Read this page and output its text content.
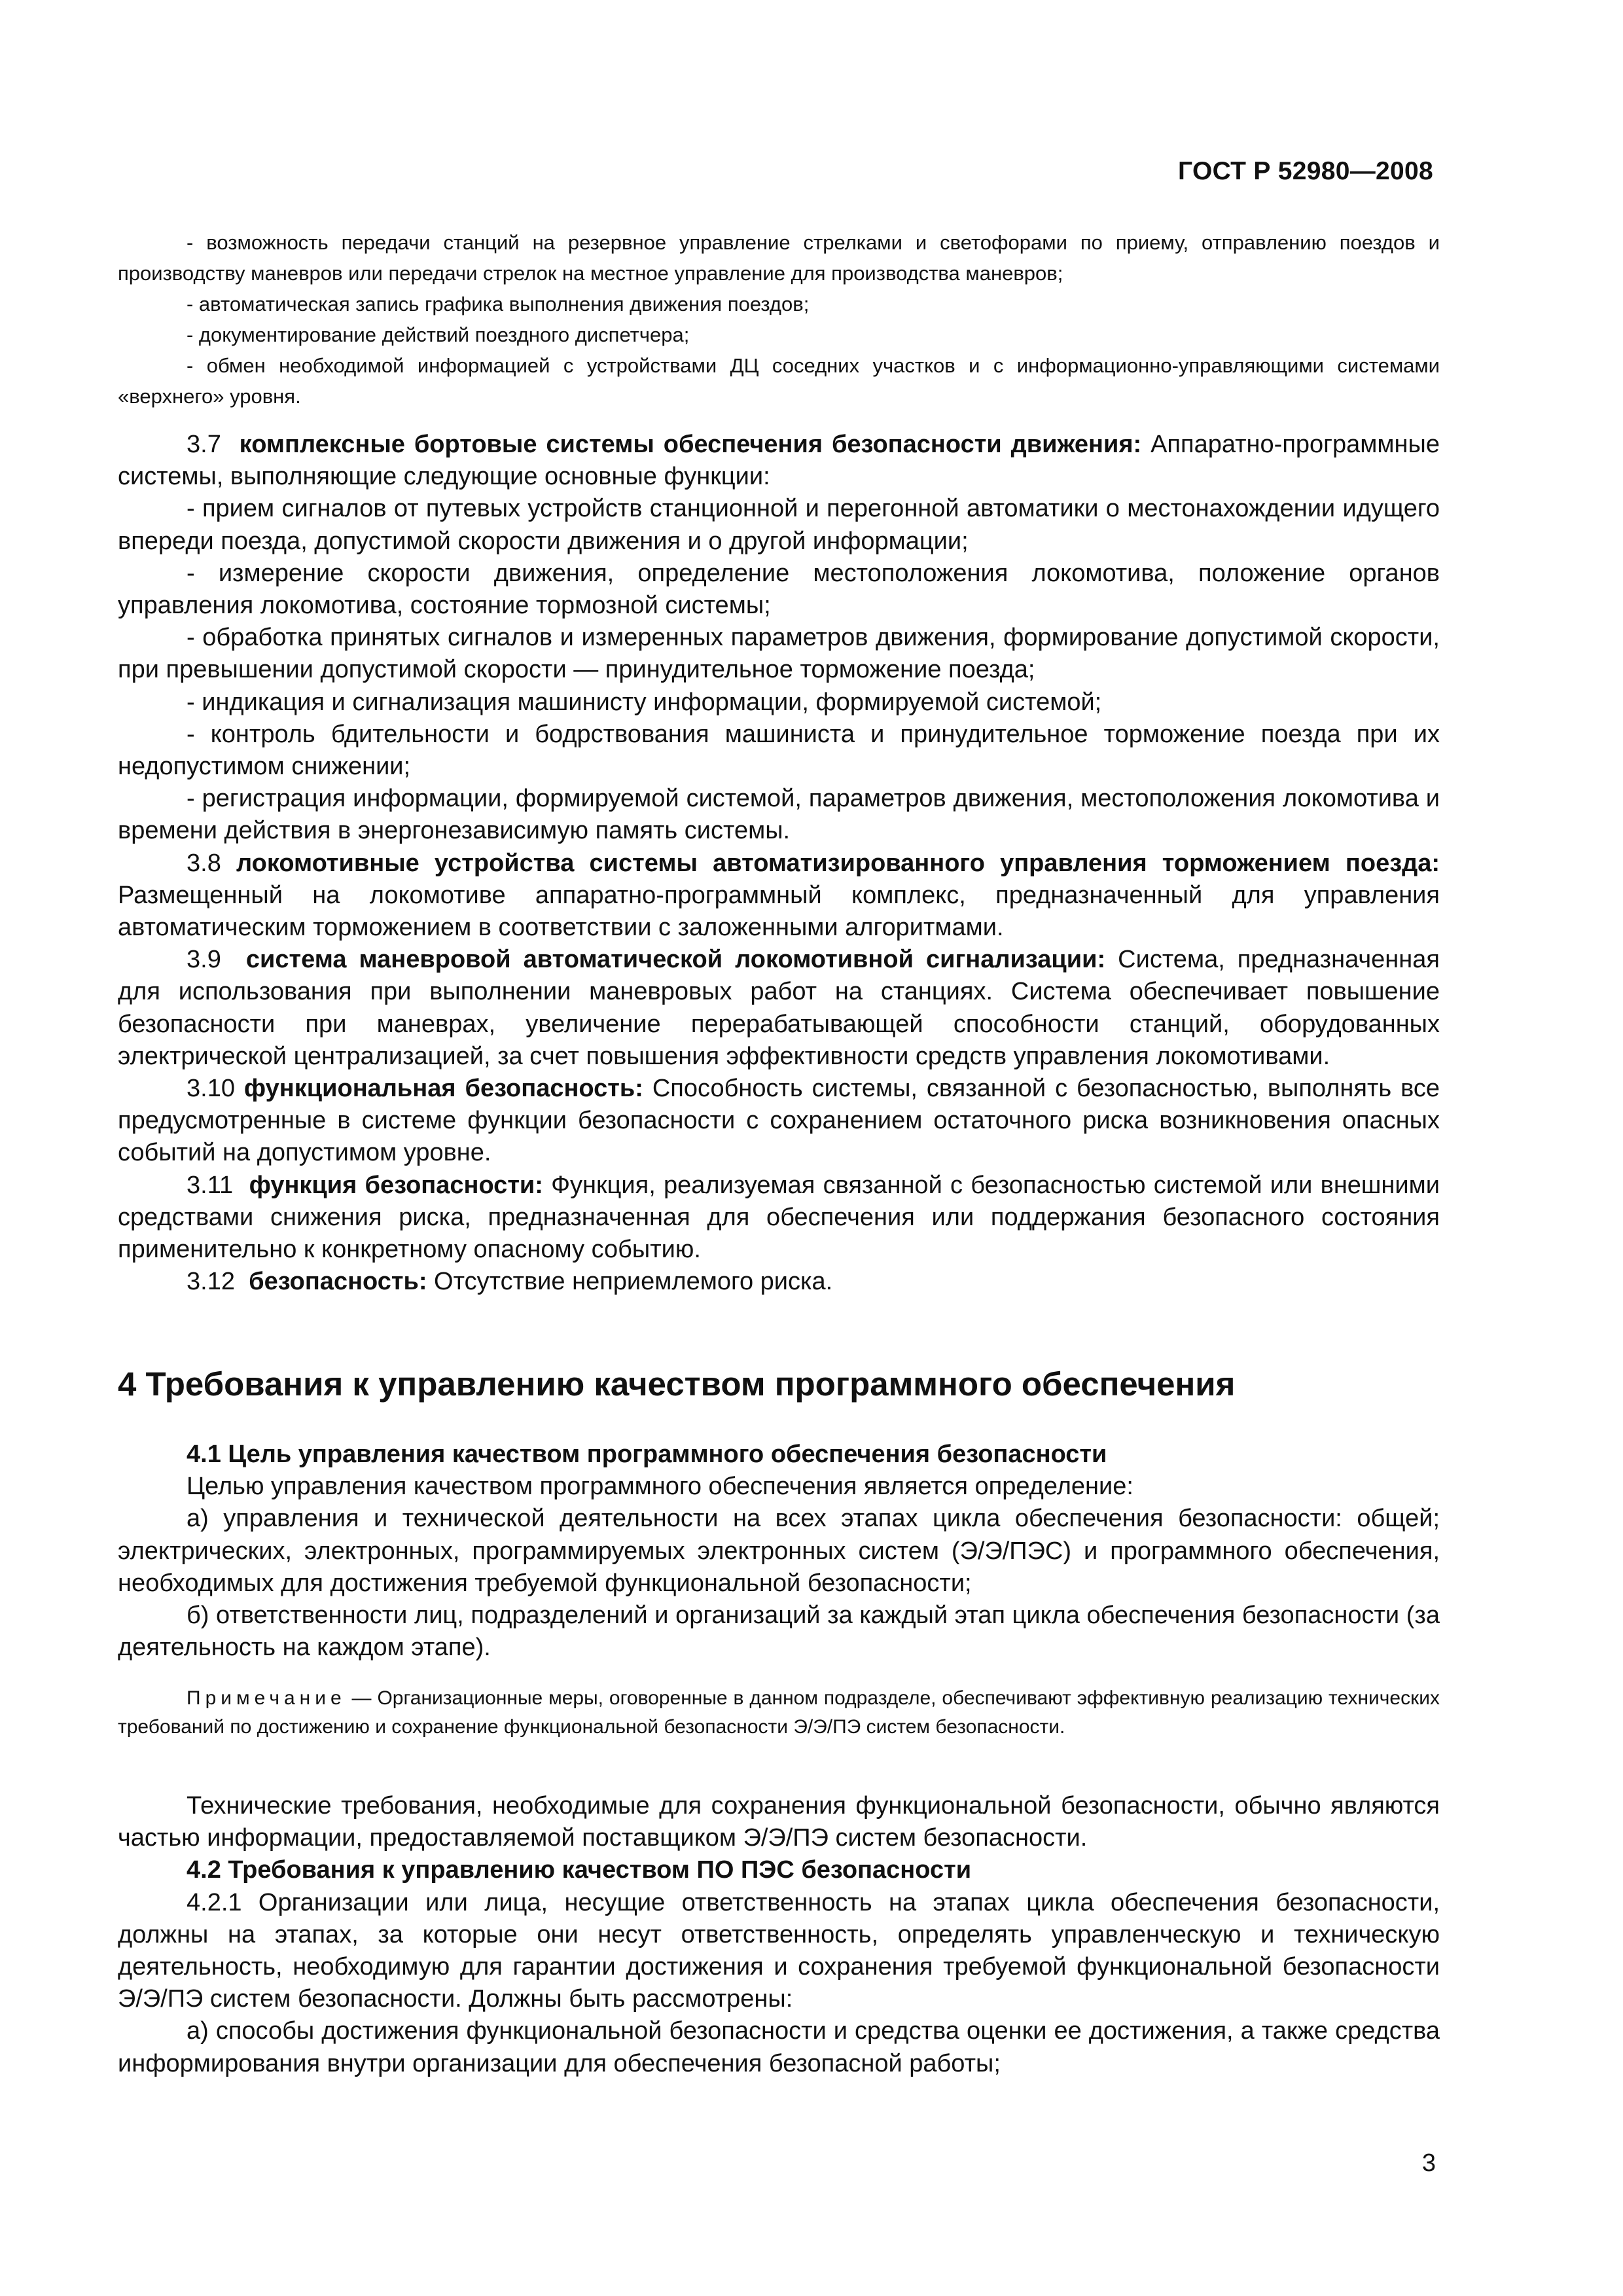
ГОСТ Р 52980—2008

- возможность передачи станций на резервное управление стрелками и светофорами по приему, отправлению поездов и производству маневров или передачи стрелок на местное управление для производства маневров;

- автоматическая запись графика выполнения движения поездов;

- документирование действий поездного диспетчера;

- обмен необходимой информацией с устройствами ДЦ соседних участков и с информационно-управляющими системами «верхнего» уровня.

3.7 комплексные бортовые системы обеспечения безопасности движения: Аппаратно-программные системы, выполняющие следующие основные функции:

- прием сигналов от путевых устройств станционной и перегонной автоматики о местонахождении идущего впереди поезда, допустимой скорости движения и о другой информации;

- измерение скорости движения, определение местоположения локомотива, положение органов управления локомотива, состояние тормозной системы;

- обработка принятых сигналов и измеренных параметров движения, формирование допустимой скорости, при превышении допустимой скорости — принудительное торможение поезда;

- индикация и сигнализация машинисту информации, формируемой системой;

- контроль бдительности и бодрствования машиниста и принудительное торможение поезда при их недопустимом снижении;

- регистрация информации, формируемой системой, параметров движения, местоположения локомотива и времени действия в энергонезависимую память системы.

3.8 локомотивные устройства системы автоматизированного управления торможением поезда: Размещенный на локомотиве аппаратно-программный комплекс, предназначенный для управления автоматическим торможением в соответствии с заложенными алгоритмами.

3.9 система маневровой автоматической локомотивной сигнализации: Система, предназначенная для использования при выполнении маневровых работ на станциях. Система обеспечивает повышение безопасности при маневрах, увеличение перерабатывающей способности станций, оборудованных электрической централизацией, за счет повышения эффективности средств управления локомотивами.

3.10 функциональная безопасность: Способность системы, связанной с безопасностью, выполнять все предусмотренные в системе функции безопасности с сохранением остаточного риска возникновения опасных событий на допустимом уровне.

3.11 функция безопасности: Функция, реализуемая связанной с безопасностью системой или внешними средствами снижения риска, предназначенная для обеспечения или поддержания безопасного состояния применительно к конкретному опасному событию.

3.12 безопасность: Отсутствие неприемлемого риска.

4 Требования к управлению качеством программного обеспечения

4.1 Цель управления качеством программного обеспечения безопасности

Целью управления качеством программного обеспечения является определение:

а) управления и технической деятельности на всех этапах цикла обеспечения безопасности: общей; электрических, электронных, программируемых электронных систем (Э/Э/ПЭС) и программного обеспечения, необходимых для достижения требуемой функциональной безопасности;

б) ответственности лиц, подразделений и организаций за каждый этап цикла обеспечения безопасности (за деятельность на каждом этапе).

Примечание — Организационные меры, оговоренные в данном подразделе, обеспечивают эффективную реализацию технических требований по достижению и сохранение функциональной безопасности Э/Э/ПЭ систем безопасности.

Технические требования, необходимые для сохранения функциональной безопасности, обычно являются частью информации, предоставляемой поставщиком Э/Э/ПЭ систем безопасности.

4.2 Требования к управлению качеством ПО ПЭС безопасности

4.2.1 Организации или лица, несущие ответственность на этапах цикла обеспечения безопасности, должны на этапах, за которые они несут ответственность, определять управленческую и техническую деятельность, необходимую для гарантии достижения и сохранения требуемой функциональной безопасности Э/Э/ПЭ систем безопасности. Должны быть рассмотрены:

а) способы достижения функциональной безопасности и средства оценки ее достижения, а также средства информирования внутри организации для обеспечения безопасной работы;

3
